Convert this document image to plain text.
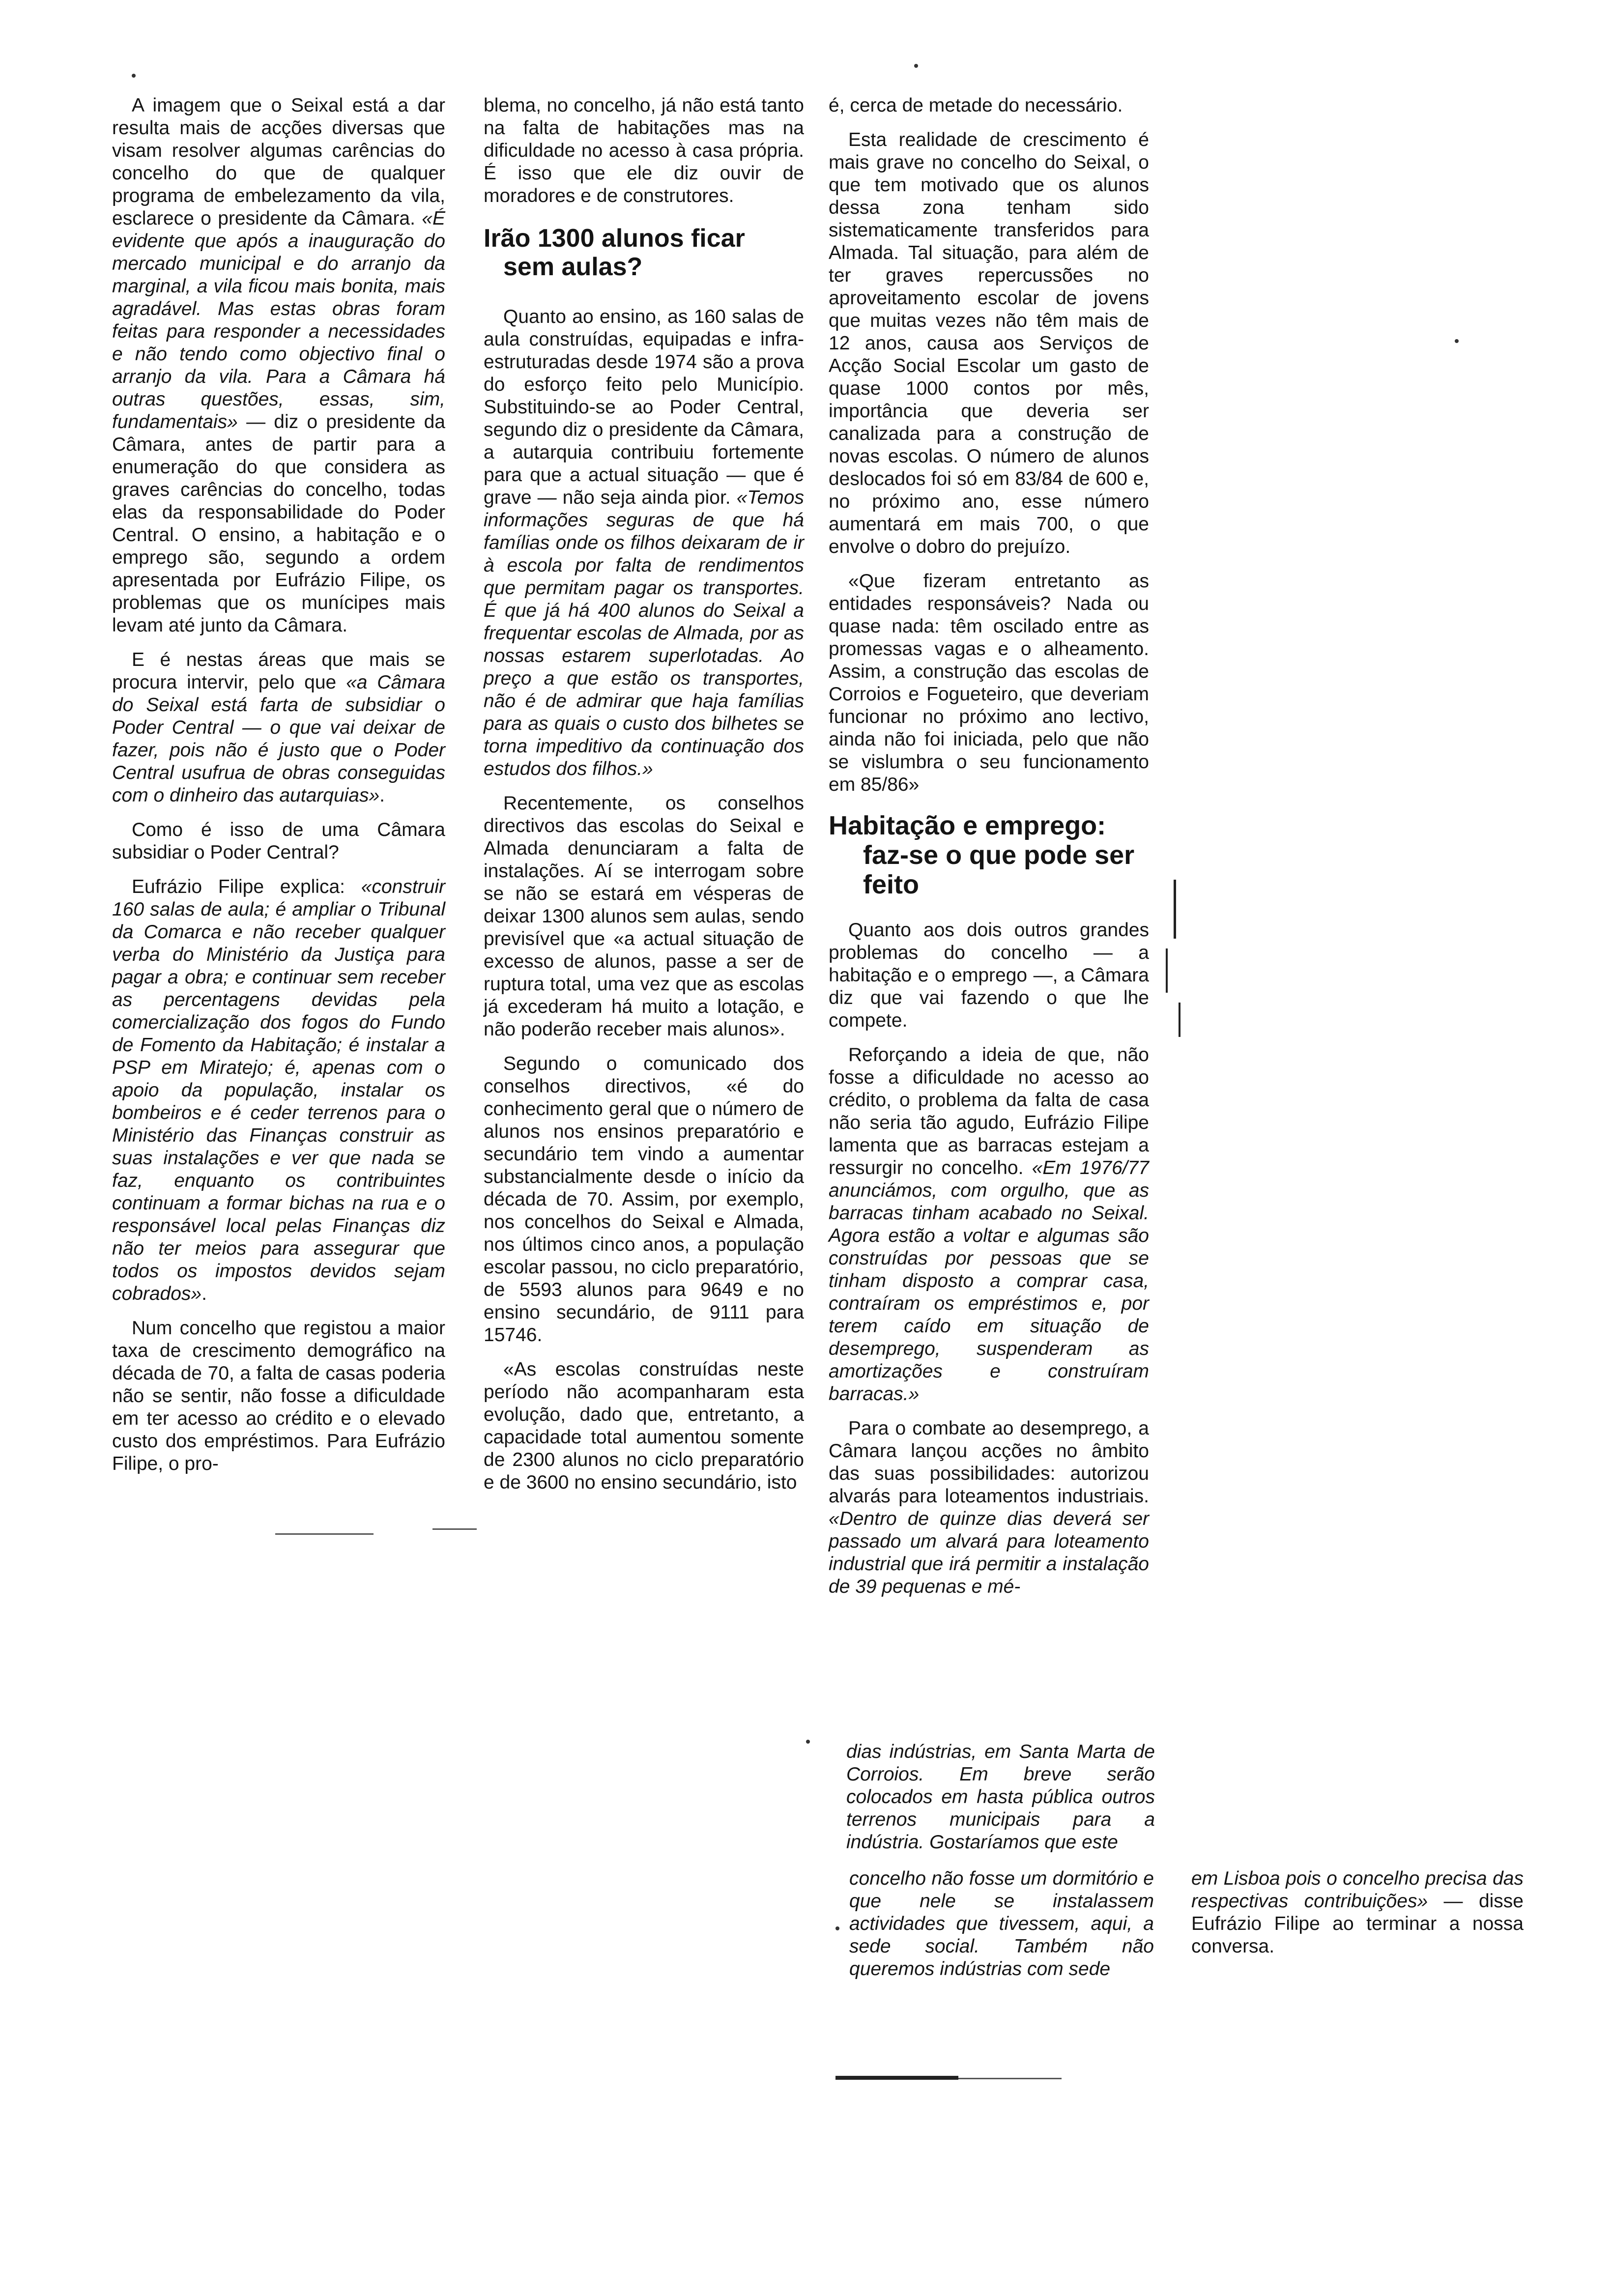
A imagem que o Seixal está a dar resulta mais de acções diversas que visam resolver algumas carências do concelho do que de qualquer programa de embelezamento da vila, esclarece o presidente da Câmara. «É evidente que após a inauguração do mercado municipal e do arranjo da marginal, a vila ficou mais bonita, mais agradável. Mas estas obras foram feitas para responder a necessidades e não tendo como objectivo final o arranjo da vila. Para a Câmara há outras questões, essas, sim, fundamentais» — diz o presidente da Câmara, antes de partir para a enumeração do que considera as graves carências do concelho, todas elas da responsabilidade do Poder Central. O ensino, a habitação e o emprego são, segundo a ordem apresentada por Eufrázio Filipe, os problemas que os munícipes mais levam até junto da Câmara.

E é nestas áreas que mais se procura intervir, pelo que «a Câmara do Seixal está farta de subsidiar o Poder Central — o que vai deixar de fazer, pois não é justo que o Poder Central usufrua de obras conseguidas com o dinheiro das autarquias».

Como é isso de uma Câmara subsidiar o Poder Central?

Eufrázio Filipe explica: «construir 160 salas de aula; é ampliar o Tribunal da Comarca e não receber qualquer verba do Ministério da Justiça para pagar a obra; e continuar sem receber as percentagens devidas pela comercialização dos fogos do Fundo de Fomento da Habitação; é instalar a PSP em Miratejo; é, apenas com o apoio da população, instalar os bombeiros e é ceder terrenos para o Ministério das Finanças construir as suas instalações e ver que nada se faz, enquanto os contribuintes continuam a formar bichas na rua e o responsável local pelas Finanças diz não ter meios para assegurar que todos os impostos devidos sejam cobrados».

Num concelho que registou a maior taxa de crescimento demográfico na década de 70, a falta de casas poderia não se sentir, não fosse a dificuldade em ter acesso ao crédito e o elevado custo dos empréstimos. Para Eufrázio Filipe, o pro-

blema, no concelho, já não está tanto na falta de habitações mas na dificuldade no acesso à casa própria. É isso que ele diz ouvir de moradores e de construtores.

Irão 1300 alunos ficar
sem aulas?

Quanto ao ensino, as 160 salas de aula construídas, equipadas e infra-estruturadas desde 1974 são a prova do esforço feito pelo Município. Substituindo-se ao Poder Central, segundo diz o presidente da Câmara, a autarquia contribuiu fortemente para que a actual situação — que é grave — não seja ainda pior. «Temos informações seguras de que há famílias onde os filhos deixaram de ir à escola por falta de rendimentos que permitam pagar os transportes. É que já há 400 alunos do Seixal a frequentar escolas de Almada, por as nossas estarem superlotadas. Ao preço a que estão os transportes, não é de admirar que haja famílias para as quais o custo dos bilhetes se torna impeditivo da continuação dos estudos dos filhos.»

Recentemente, os conselhos directivos das escolas do Seixal e Almada denunciaram a falta de instalações. Aí se interrogam sobre se não se estará em vésperas de deixar 1300 alunos sem aulas, sendo previsível que «a actual situação de excesso de alunos, passe a ser de ruptura total, uma vez que as escolas já excederam há muito a lotação, e não poderão receber mais alunos».

Segundo o comunicado dos conselhos directivos, «é do conhecimento geral que o número de alunos nos ensinos preparatório e secundário tem vindo a aumentar substancialmente desde o início da década de 70. Assim, por exemplo, nos concelhos do Seixal e Almada, nos últimos cinco anos, a população escolar passou, no ciclo preparatório, de 5593 alunos para 9649 e no ensino secundário, de 9111 para 15746.

«As escolas construídas neste período não acompanharam esta evolução, dado que, entretanto, a capacidade total aumentou somente de 2300 alunos no ciclo preparatório e de 3600 no ensino secundário, isto

é, cerca de metade do necessário.

Esta realidade de crescimento é mais grave no concelho do Seixal, o que tem motivado que os alunos dessa zona tenham sido sistematicamente transferidos para Almada. Tal situação, para além de ter graves repercussões no aproveitamento escolar de jovens que muitas vezes não têm mais de 12 anos, causa aos Serviços de Acção Social Escolar um gasto de quase 1000 contos por mês, importância que deveria ser canalizada para a construção de novas escolas. O número de alunos deslocados foi só em 83/84 de 600 e, no próximo ano, esse número aumentará em mais 700, o que envolve o dobro do prejuízo.

«Que fizeram entretanto as entidades responsáveis? Nada ou quase nada: têm oscilado entre as promessas vagas e o alheamento. Assim, a construção das escolas de Corroios e Fogueteiro, que deveriam funcionar no próximo ano lectivo, ainda não foi iniciada, pelo que não se vislumbra o seu funcionamento em 85/86»

Habitação e emprego:
faz-se o que pode ser
feito

Quanto aos dois outros grandes problemas do concelho — a habitação e o emprego —, a Câmara diz que vai fazendo o que lhe compete.

Reforçando a ideia de que, não fosse a dificuldade no acesso ao crédito, o problema da falta de casa não seria tão agudo, Eufrázio Filipe lamenta que as barracas estejam a ressurgir no concelho. «Em 1976/77 anunciámos, com orgulho, que as barracas tinham acabado no Seixal. Agora estão a voltar e algumas são construídas por pessoas que se tinham disposto a comprar casa, contraíram os empréstimos e, por terem caído em situação de desemprego, suspenderam as amortizações e construíram barracas.»

Para o combate ao desemprego, a Câmara lançou acções no âmbito das suas possibilidades: autorizou alvarás para loteamentos industriais. «Dentro de quinze dias deverá ser passado um alvará para loteamento industrial que irá permitir a instalação de 39 pequenas e mé-

dias indústrias, em Santa Marta de Corroios. Em breve serão colocados em hasta pública outros terrenos municipais para a indústria. Gostaríamos que este

concelho não fosse um dormitório e que nele se instalassem actividades que tivessem, aqui, a sede social. Também não queremos indústrias com sede

em Lisboa pois o concelho precisa das respectivas contribuições» — disse Eufrázio Filipe ao terminar a nossa conversa.
